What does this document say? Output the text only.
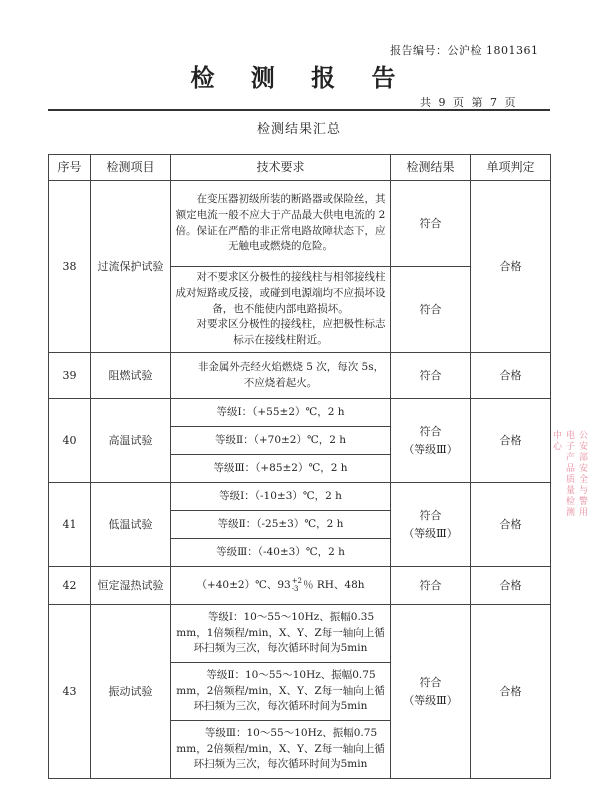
报告编号：公沪检 1801361
检 测 报 告
共 9 页 第 7 页
检测结果汇总
序号	检测项目	技术要求	检测结果	单项判定
38	过流保护试验	在变压器初级所装的断路器或保险丝，其额定电流一般不应大于产品最大供电电流的 2 倍。保证在严酷的非正常电路故障状态下，应无触电或燃烧的危险。	符合	合格

		对不要求区分极性的接线柱与相邻接线柱成对短路或反接，或碰到电源端均不应损坏设备，也不能使内部电路损坏。
对要求区分极性的接线柱，应把极性标志标示在接线柱附近。	符合	
39	阻燃试验	非金属外壳经火焰燃烧 5 次，每次 5s，不应烧着起火。	符合	合格
40	高温试验	等级Ⅰ：（+55±2）℃，2 h	符合
（等级Ⅲ）	合格
		等级Ⅱ：（+70±2）℃，2 h		
		等级Ⅲ：（+85±2）℃，2 h		
41	低温试验	等级Ⅰ：（-10±3）℃，2 h	符合
（等级Ⅲ）	合格
		等级Ⅱ：（-25±3）℃，2 h		
		等级Ⅲ：（-40±3）℃，2 h		
42	恒定湿热试验	（+40±2）℃、93 +2
-3 ％ RH、48h	符合	合格
43	振动试验	等级Ⅰ：10～55～10Hz、振幅0.35 mm，1倍频程/min，X、Y、Z每一轴向上循环扫频为三次，每次循环时间为5min	符合
（等级Ⅲ）	合格

		等级Ⅱ：10～55～10Hz、振幅0.75 mm，2倍频程/min，X、Y、Z每一轴向上循环扫频为三次，每次循环时间为5min		

		等级Ⅲ：10～55～10Hz、振幅0.75 mm，2倍频程/min，X、Y、Z每一轴向上循环扫频为三次，每次循环时间为5min		
公安部安全与警用电子产品质量检测中心
